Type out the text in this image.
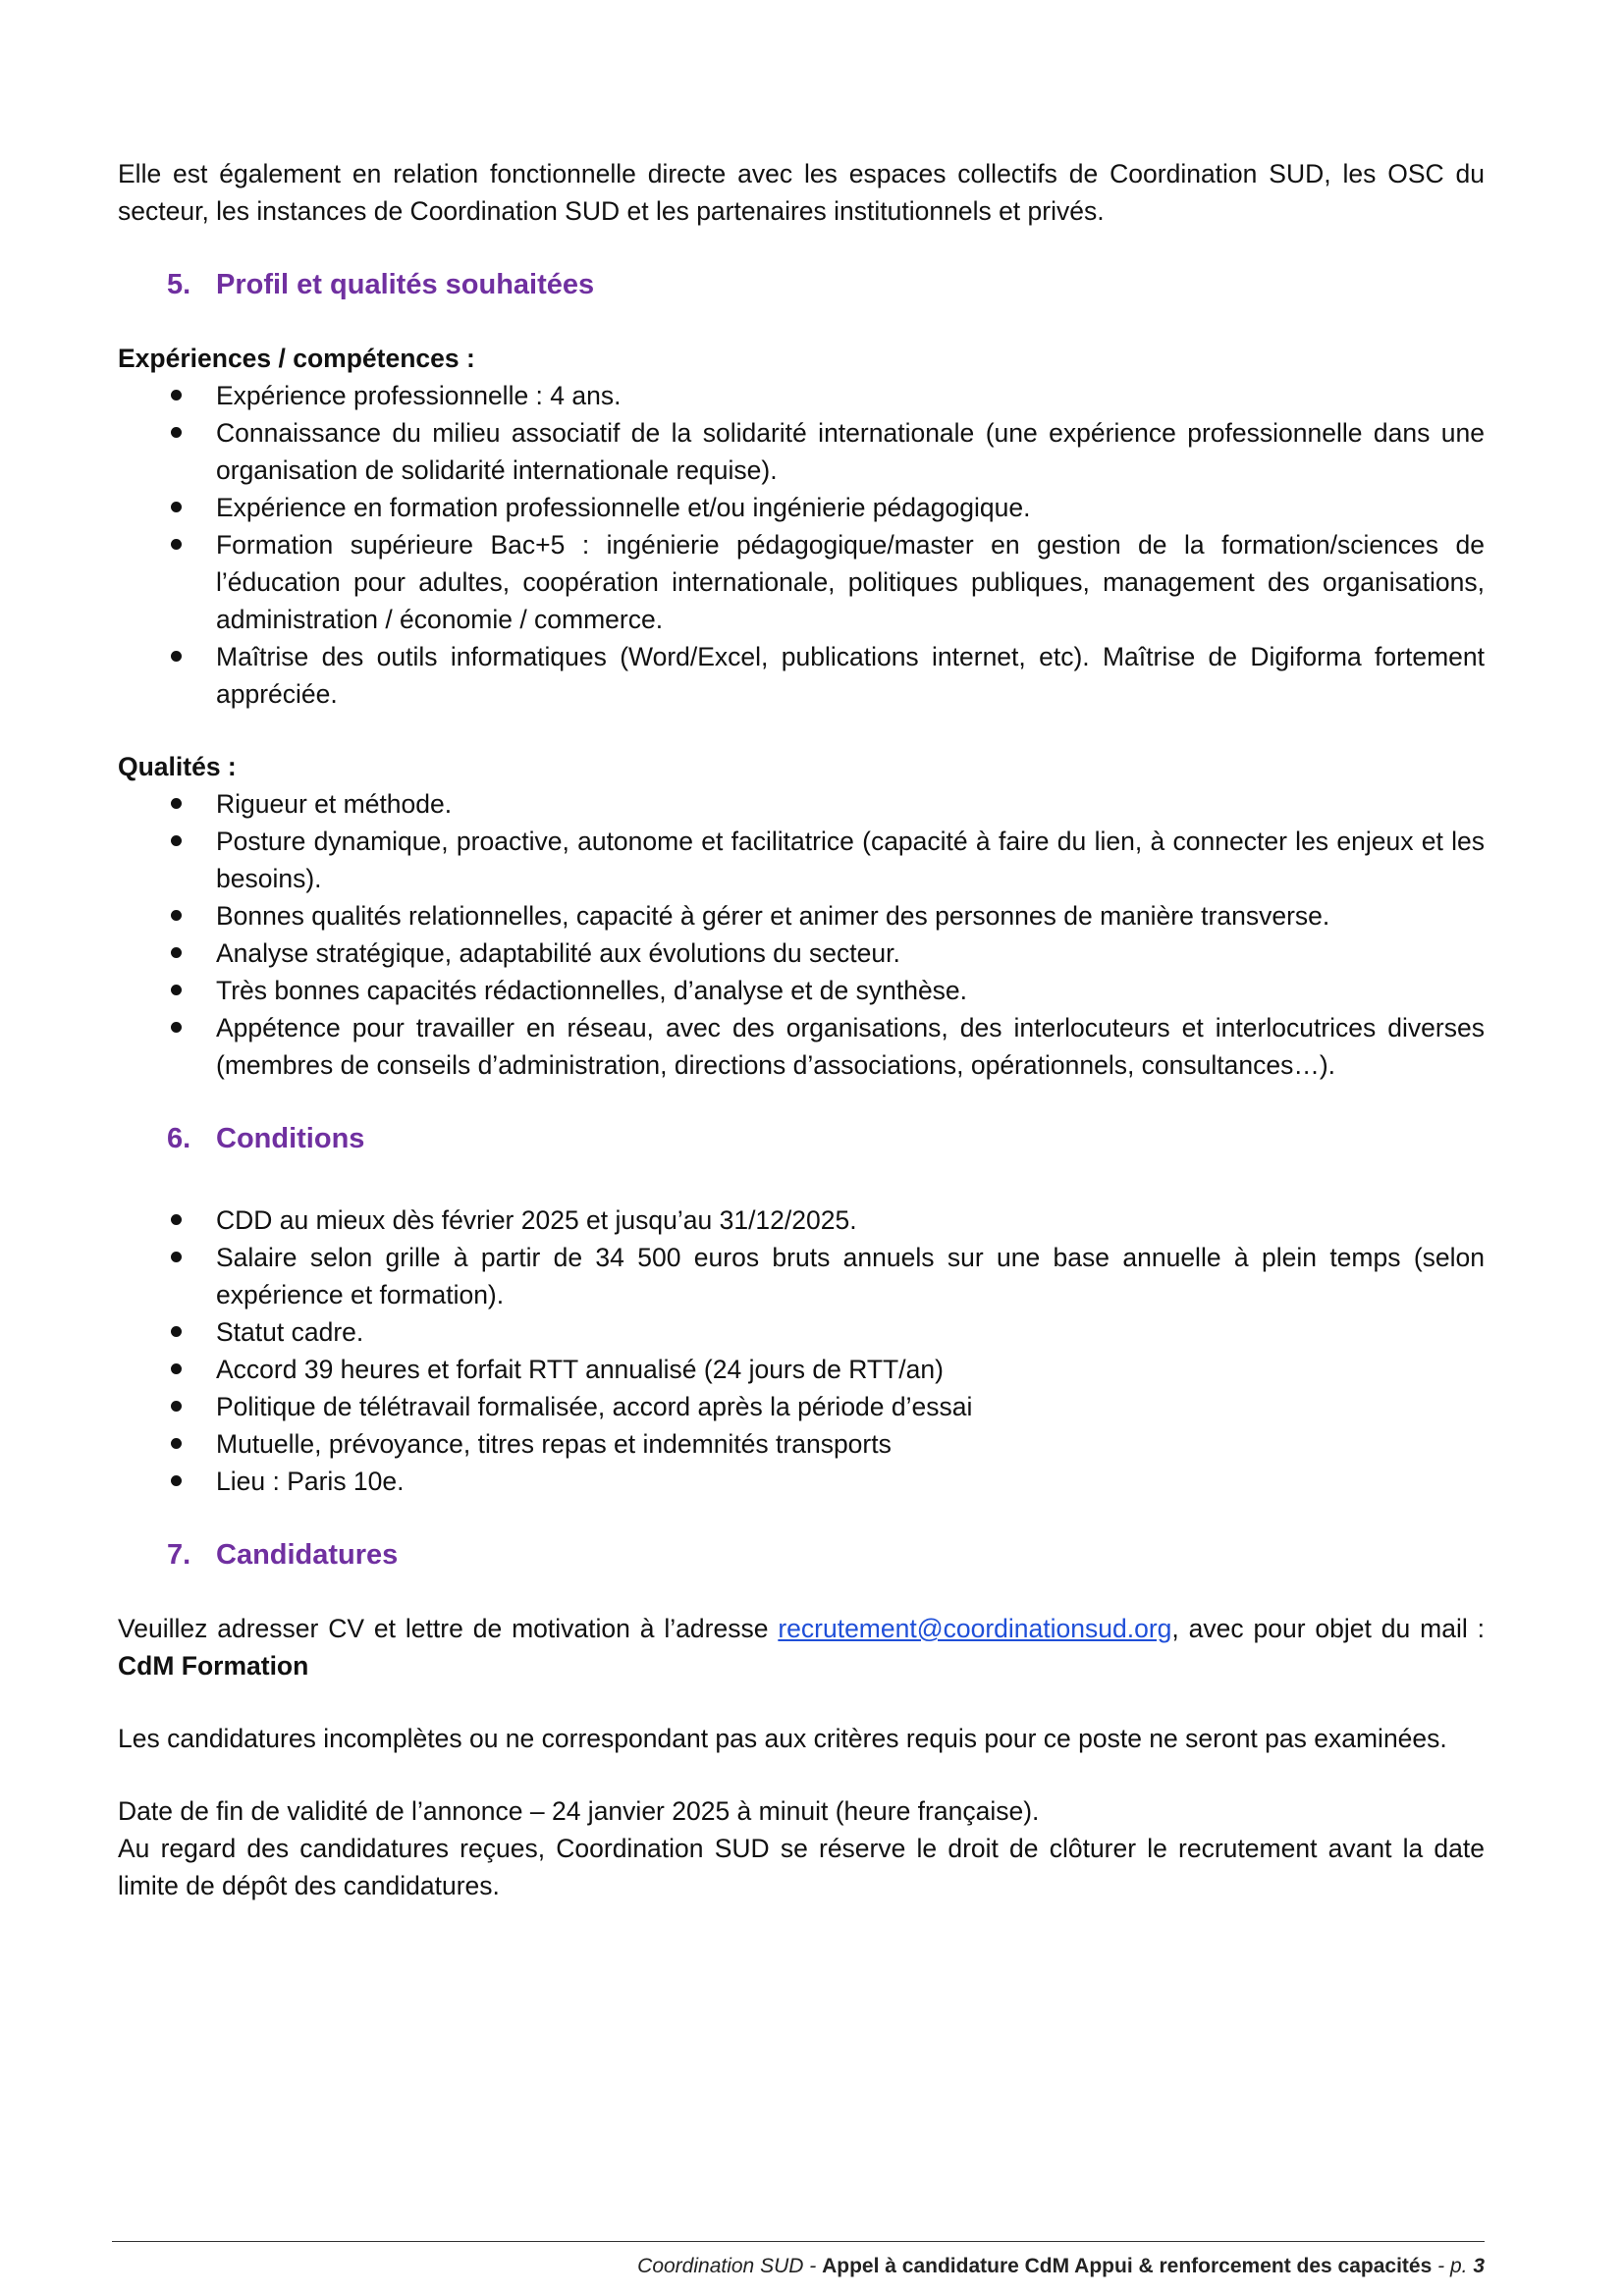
Elle est également en relation fonctionnelle directe avec les espaces collectifs de Coordination SUD, les OSC du secteur, les instances de Coordination SUD et les partenaires institutionnels et privés.

5. Profil et qualités souhaitées
Expériences / compétences :
Expérience professionnelle : 4 ans.
Connaissance du milieu associatif de la solidarité internationale (une expérience professionnelle dans une organisation de solidarité internationale requise).
Expérience en formation professionnelle et/ou ingénierie pédagogique.
Formation supérieure Bac+5 : ingénierie pédagogique/master en gestion de la formation/sciences de l’éducation pour adultes, coopération internationale, politiques publiques, management des organisations, administration / économie / commerce.
Maîtrise des outils informatiques (Word/Excel, publications internet, etc). Maîtrise de Digiforma fortement appréciée.
Qualités :
Rigueur et méthode.
Posture dynamique, proactive, autonome et facilitatrice (capacité à faire du lien, à connecter les enjeux et les besoins).
Bonnes qualités relationnelles, capacité à gérer et animer des personnes de manière transverse.
Analyse stratégique, adaptabilité aux évolutions du secteur.
Très bonnes capacités rédactionnelles, d’analyse et de synthèse.
Appétence pour travailler en réseau, avec des organisations, des interlocuteurs et interlocutrices diverses (membres de conseils d’administration, directions d’associations, opérationnels, consultances…).
6. Conditions
CDD au mieux dès février 2025 et jusqu’au 31/12/2025.
Salaire selon grille à partir de 34 500 euros bruts annuels sur une base annuelle à plein temps (selon expérience et formation).
Statut cadre.
Accord 39 heures et forfait RTT annualisé (24 jours de RTT/an)
Politique de télétravail formalisée, accord après la période d’essai
Mutuelle, prévoyance, titres repas et indemnités transports
Lieu : Paris 10e.
7. Candidatures

Veuillez adresser CV et lettre de motivation à l’adresse recrutement@coordinationsud.org, avec pour objet du mail : CdM Formation

Les candidatures incomplètes ou ne correspondant pas aux critères requis pour ce poste ne seront pas examinées.

Date de fin de validité de l’annonce – 24 janvier 2025 à minuit (heure française).

Au regard des candidatures reçues, Coordination SUD se réserve le droit de clôturer le recrutement avant la date limite de dépôt des candidatures.

Coordination SUD - Appel à candidature CdM Appui & renforcement des capacités - p. 3
